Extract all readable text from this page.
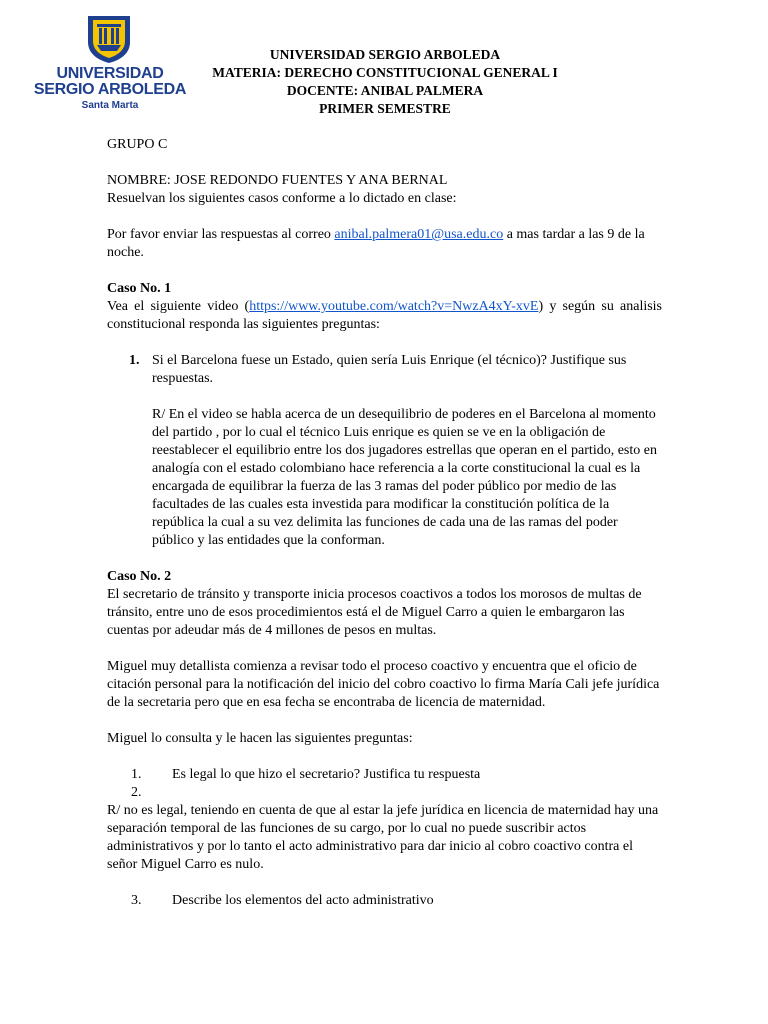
UNIVERSIDAD
SERGIO ARBOLEDA
Santa Marta
UNIVERSIDAD SERGIO ARBOLEDA
MATERIA: DERECHO CONSTITUCIONAL GENERAL I
DOCENTE: ANIBAL PALMERA
PRIMER SEMESTRE

GRUPO C

NOMBRE: JOSE REDONDO FUENTES Y ANA BERNAL

Resuelvan los siguientes casos conforme a lo dictado en clase:

Por favor enviar las respuestas al correo anibal.palmera01@usa.edu.co a mas tardar a las 9 de la noche.

Caso No. 1

Vea el siguiente video (https://www.youtube.com/watch?v=NwzA4xY-xvE) y según su analisis constitucional responda las siguientes preguntas:

1. Si el Barcelona fuese un Estado, quien sería Luis Enrique (el técnico)? Justifique sus respuestas.

R/ En el video se habla acerca de un desequilibrio de poderes en el Barcelona al momento del partido , por lo cual el técnico Luis enrique es quien se ve en la obligación de reestablecer el equilibrio entre los dos jugadores estrellas que operan en el partido, esto en analogía con el estado colombiano hace referencia a la corte constitucional la cual es la encargada de equilibrar la fuerza de las 3 ramas del poder público por medio de las facultades de las cuales esta investida para modificar la constitución política de la república la cual a su vez delimita las funciones de cada una de las ramas del poder público y las entidades que la conforman.

Caso No. 2

El secretario de tránsito y transporte inicia procesos coactivos a todos los morosos de multas de tránsito, entre uno de esos procedimientos está el de Miguel Carro a quien le embargaron las cuentas por adeudar más de 4 millones de pesos en multas.

Miguel muy detallista comienza a revisar todo el proceso coactivo y encuentra que el oficio de citación personal para la notificación del inicio del cobro coactivo lo firma María Cali jefe jurídica de la secretaria pero que en esa fecha se encontraba de licencia de maternidad.

Miguel lo consulta y le hacen las siguientes preguntas:

1. Es legal lo que hizo el secretario? Justifica tu respuesta

2.

R/ no es legal, teniendo en cuenta de que al estar la jefe jurídica en licencia de maternidad hay una separación temporal de las funciones de su cargo, por lo cual no puede suscribir actos administrativos y por lo tanto el acto administrativo para dar inicio al cobro coactivo contra el señor Miguel Carro es nulo.

3. Describe los elementos del acto administrativo
